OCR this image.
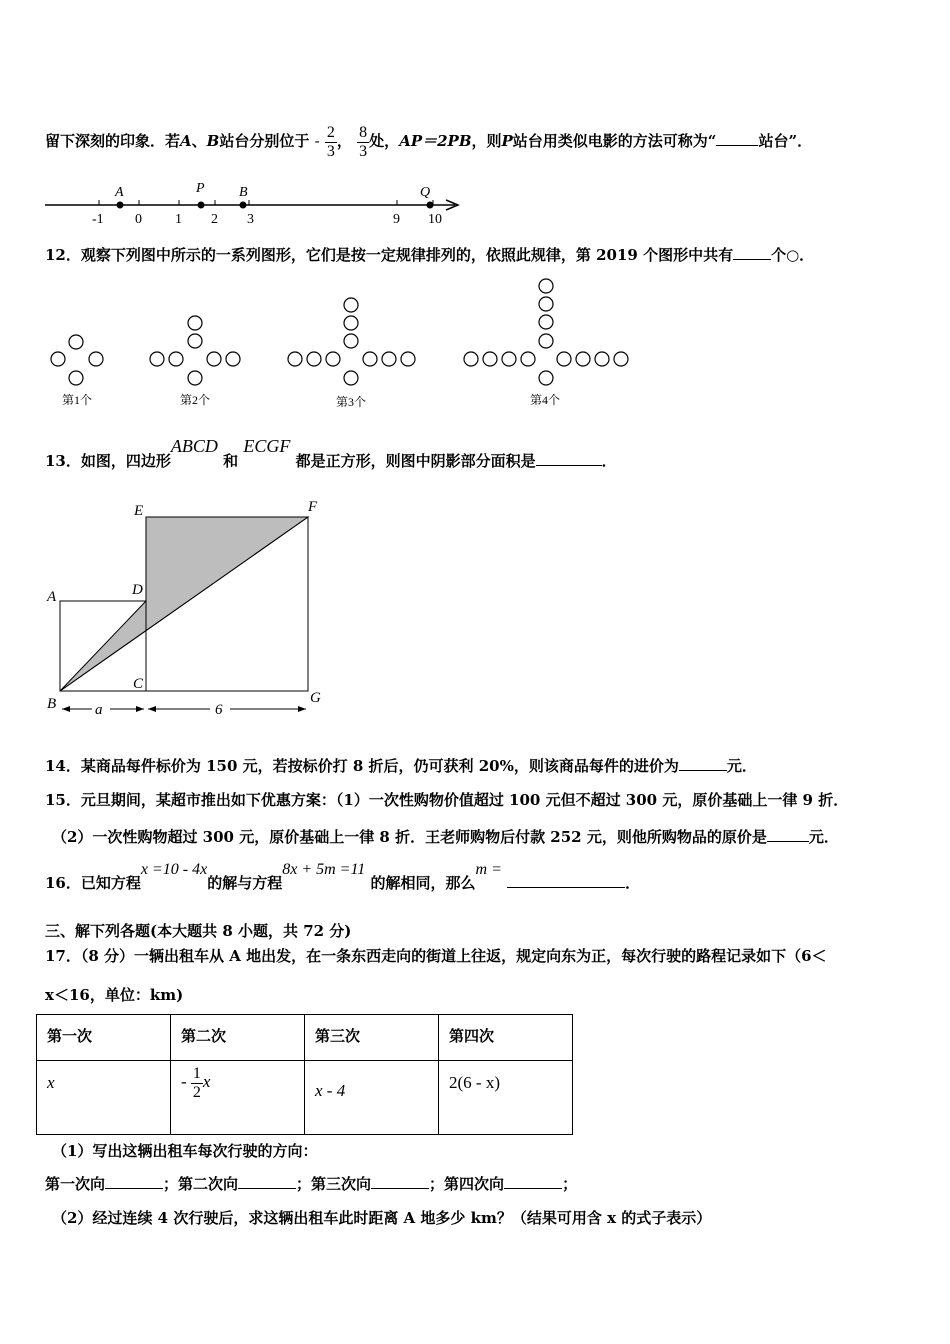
留下深刻的印象．若A、B站台分别位于 - $\frac{2}{3}$ ， $\frac{8}{3}$ 处，AP＝2PB，则P站台用类似电影的方法可称为“	站台”．
A	P B	Q
-1 0 1 2 3	9 10
12．观察下列图中所示的一系列图形，它们是按一定规律排列的，依照此规律，第 2019 个图形中共有	个○．
第1个	第2个	第3个	第4个
13．如图，四边形ABCD 和 ECGF 都是正方形，则图中阴影部分面积是	．
E	F
A	D
C
B	G
a	6
14．某商品每件标价为 150 元，若按标价打 8 折后，仍可获利 20%，则该商品每件的进价为	元．
15．元旦期间，某超市推出如下优惠方案：（1）一次性购物价值超过 100 元但不超过 300 元，原价基础上一律 9 折．
（2）一次性购物超过 300 元，原价基础上一律 8 折．王老师购物后付款 252 元，则他所购物品的原价是	元．
16．已知方程x =10 - 4x的解与方程8x + 5m =11 的解相同，那么m = ．
三、解下列各题(本大题共 8 小题，共 72 分)
17．（8 分）一辆出租车从 A 地出发，在一条东西走向的街道上往返，规定向东为正，每次行驶的路程记录如下（6＜
x＜16，单位：km)
第一次	第二次	第三次	第四次
x	- $\frac{1}{2}$ x	x - 4	2(6 - x)
（1）写出这辆出租车每次行驶的方向：
第一次向	；第二次向	；第三次向	；第四次向	；
（2）经过连续 4 次行驶后，求这辆出租车此时距离 A 地多少 km？（结果可用含 x 的式子表示）
